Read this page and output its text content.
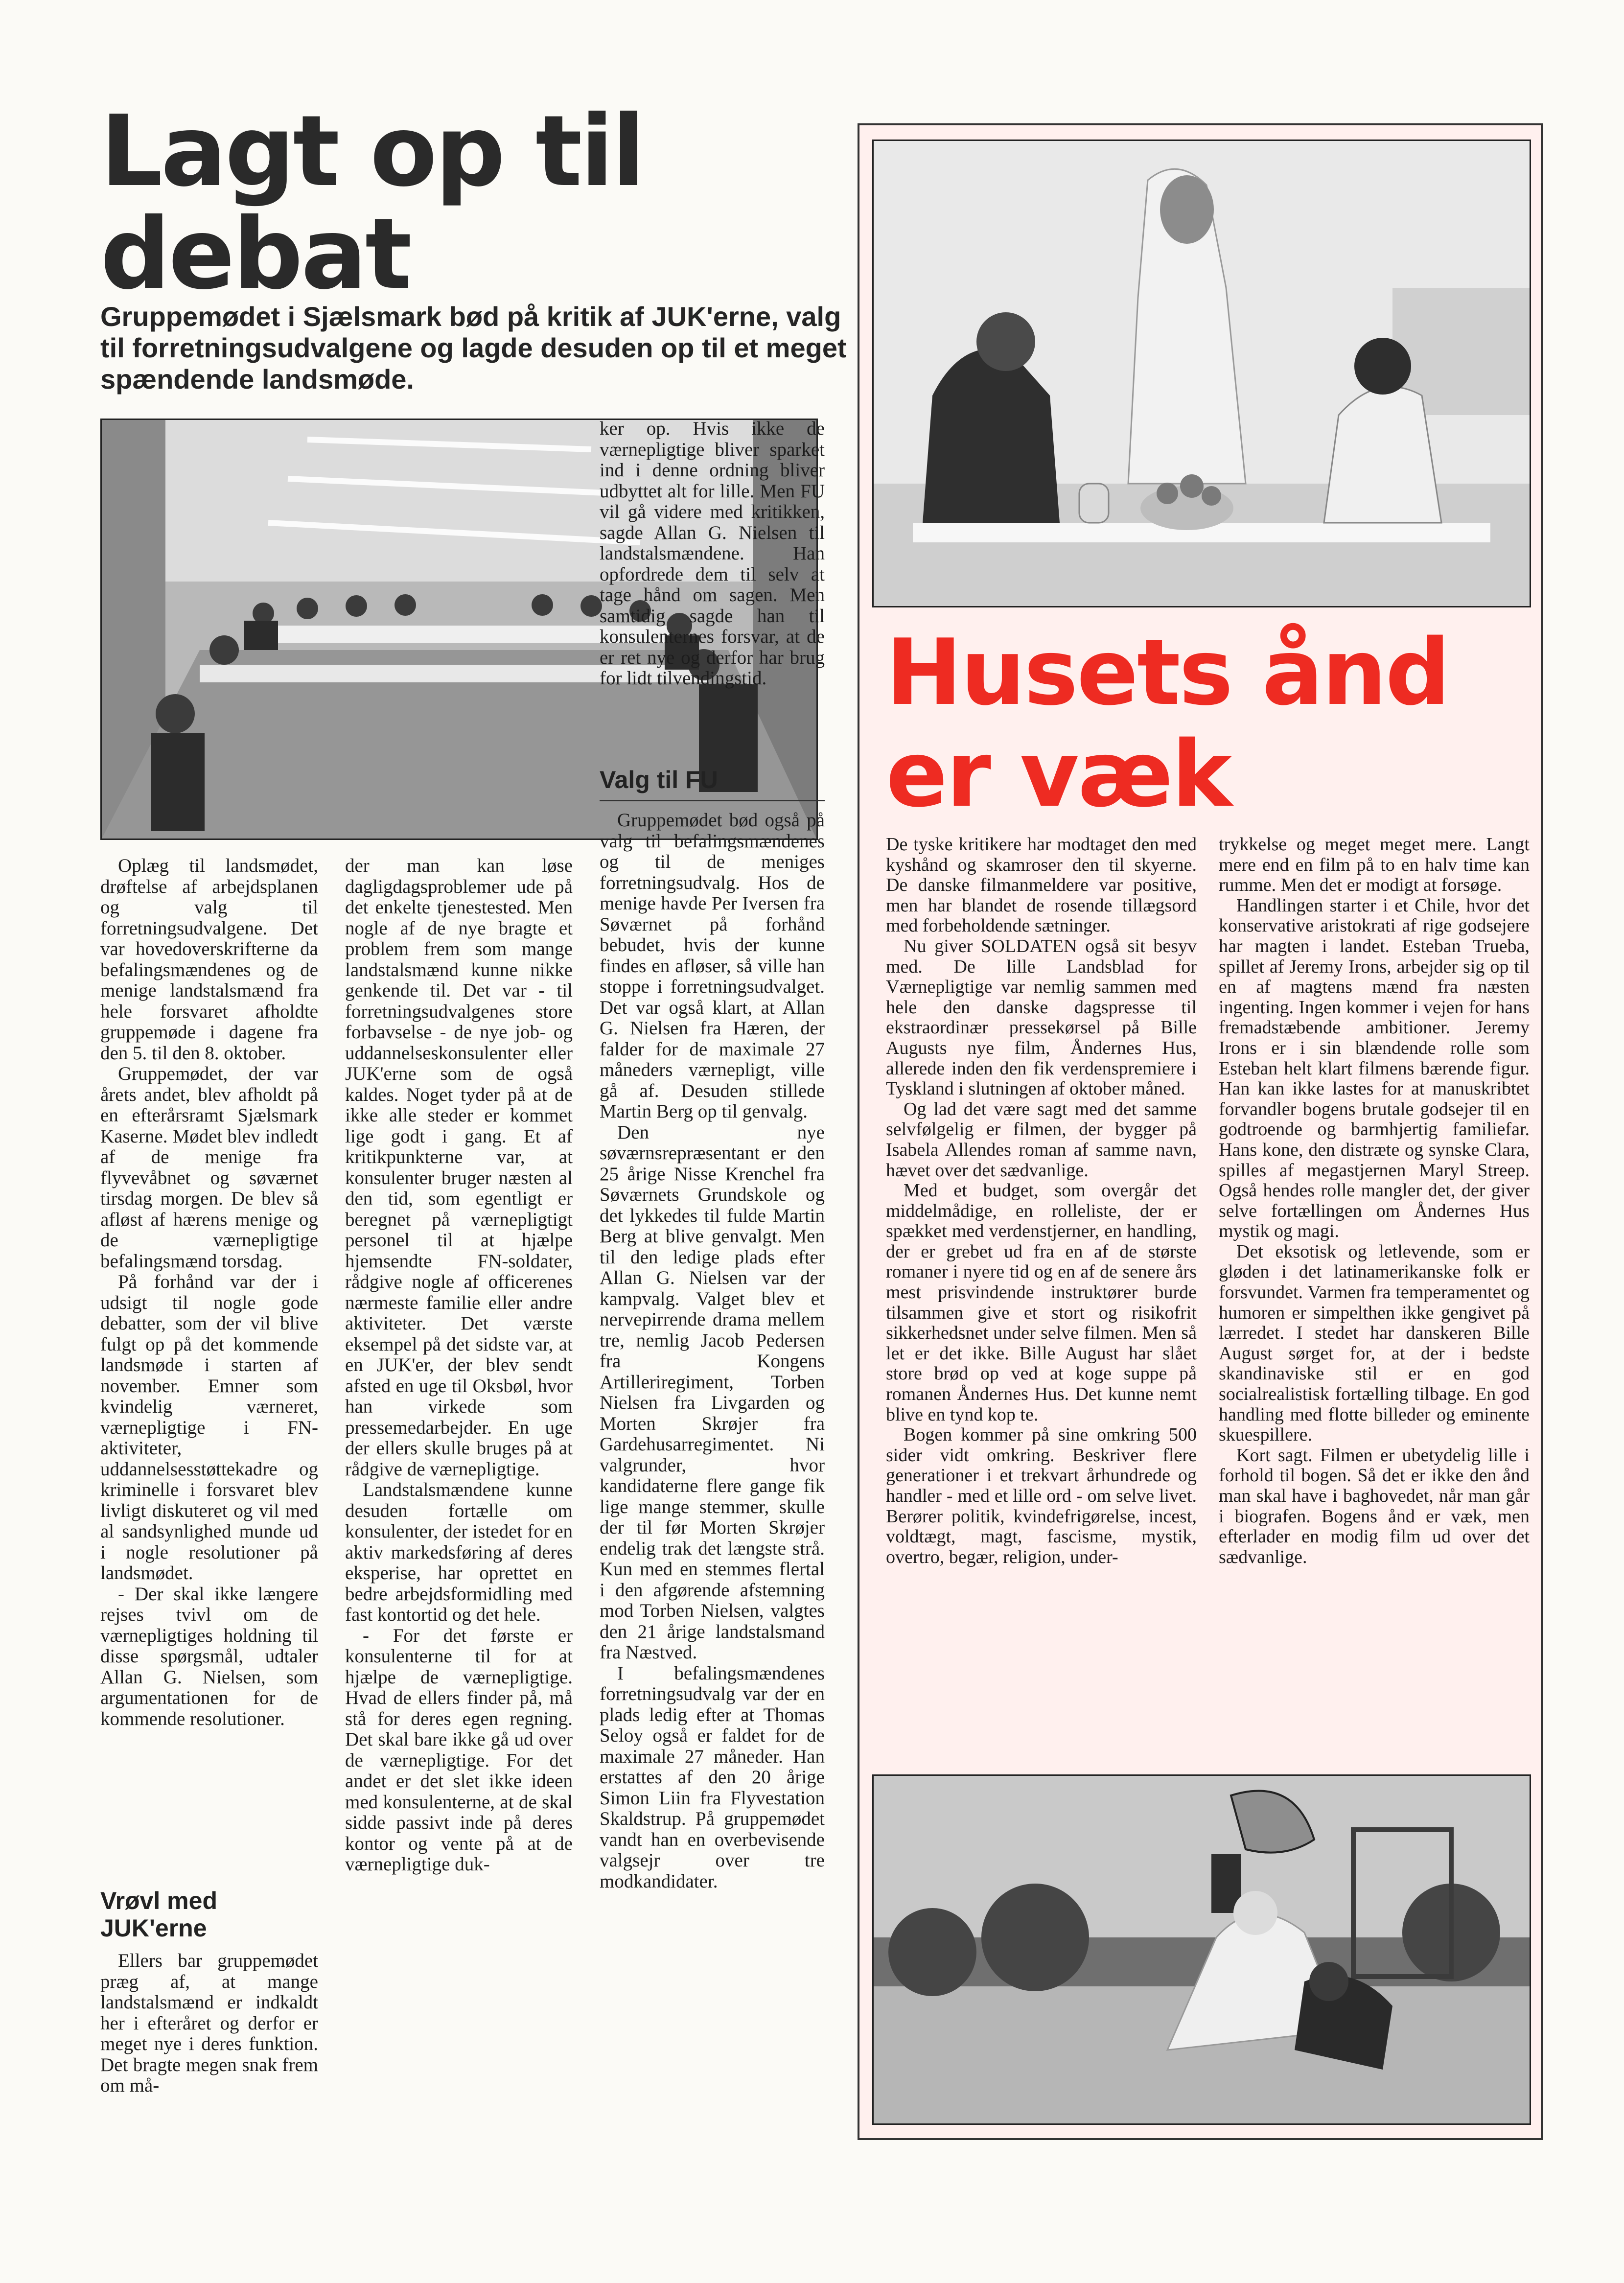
Lagt op til debat

Gruppemødet i Sjælsmark bød på kritik af JUK'erne, valg til forretningsudvalgene og lagde desuden op til et meget spændende landsmøde.

Oplæg til landsmødet, drøftelse af arbejdsplanen og valg til forretningsudvalgene. Det var hovedoverskrifterne da befalingsmændenes og de menige landstalsmænd fra hele forsvaret afholdte gruppemøde i dagene fra den 5. til den 8. oktober.

Gruppemødet, der var årets andet, blev afholdt på en efterårsramt Sjælsmark Kaserne. Mødet blev indledt af de menige fra flyvevåbnet og søværnet tirsdag morgen. De blev så afløst af hærens menige og de værnepligtige befalingsmænd torsdag.

På forhånd var der i udsigt til nogle gode debatter, som der vil blive fulgt op på det kommende landsmøde i starten af november. Emner som kvindelig værneret, værnepligtige i FN-aktiviteter, uddannelsesstøttekadre og kriminelle i forsvaret blev livligt diskuteret og vil med al sandsynlighed munde ud i nogle resolutioner på landsmødet.

- Der skal ikke længere rejses tvivl om de værnepligtiges holdning til disse spørgsmål, udtaler Allan G. Nielsen, som argumentationen for de kommende resolutioner.

Vrøvl med JUK'erne

Ellers bar gruppemødet præg af, at mange landstalsmænd er indkaldt her i efteråret og derfor er meget nye i deres funktion. Det bragte megen snak frem om må-

der man kan løse dagligdagsproblemer ude på det enkelte tjenestested. Men nogle af de nye bragte et problem frem som mange landstalsmænd kunne nikke genkende til. Det var - til forretningsudvalgenes store forbavselse - de nye job- og uddannelseskonsulenter eller JUK'erne som de også kaldes. Noget tyder på at de ikke alle steder er kommet lige godt i gang. Et af kritikpunkterne var, at konsulenter bruger næsten al den tid, som egentligt er beregnet på værnepligtigt personel til at hjælpe hjemsendte FN-soldater, rådgive nogle af officerenes nærmeste familie eller andre aktiviteter. Det værste eksempel på det sidste var, at en JUK'er, der blev sendt afsted en uge til Oksbøl, hvor han virkede som pressemedarbejder. En uge der ellers skulle bruges på at rådgive de værnepligtige.

Landstalsmændene kunne desuden fortælle om konsulenter, der istedet for en aktiv markedsføring af deres eksperise, har oprettet en bedre arbejdsformidling med fast kontortid og det hele.

- For det første er konsulenterne til for at hjælpe de værnepligtige. Hvad de ellers finder på, må stå for deres egen regning. Det skal bare ikke gå ud over de værnepligtige. For det andet er det slet ikke ideen med konsulenterne, at de skal sidde passivt inde på deres kontor og vente på at de værnepligtige duk-

ker op. Hvis ikke de værnepligtige bliver sparket ind i denne ordning bliver udbyttet alt for lille. Men FU vil gå videre med kritikken, sagde Allan G. Nielsen til landstalsmændene. Han opfordrede dem til selv at tage hånd om sagen. Men samtidig sagde han til konsulenternes forsvar, at de er ret nye og derfor har brug for lidt tilvendingstid.

Valg til FU

Gruppemødet bød også på valg til befalingsmændenes og til de meniges forretningsudvalg. Hos de menige havde Per Iversen fra Søværnet på forhånd bebudet, hvis der kunne findes en afløser, så ville han stoppe i forretningsudvalget. Det var også klart, at Allan G. Nielsen fra Hæren, der falder for de maximale 27 måneders værnepligt, ville gå af. Desuden stillede Martin Berg op til genvalg.

Den nye søværnsrepræsentant er den 25 årige Nisse Krenchel fra Søværnets Grundskole og det lykkedes til fulde Martin Berg at blive genvalgt. Men til den ledige plads efter Allan G. Nielsen var der kampvalg. Valget blev et nervepirrende drama mellem tre, nemlig Jacob Pedersen fra Kongens Artilleriregiment, Torben Nielsen fra Livgarden og Morten Skrøjer fra Gardehusarregimentet. Ni valgrunder, hvor kandidaterne flere gange fik lige mange stemmer, skulle der til før Morten Skrøjer endelig trak det længste strå. Kun med en stemmes flertal i den afgørende afstemning mod Torben Nielsen, valgtes den 21 årige landstalsmand fra Næstved.

I befalingsmændenes forretningsudvalg var der en plads ledig efter at Thomas Seloy også er faldet for de maximale 27 måneder. Han erstattes af den 20 årige Simon Liin fra Flyvestation Skaldstrup. På gruppemødet vandt han en overbevisende valgsejr over tre modkandidater.

Husets ånd er væk

De tyske kritikere har modtaget den med kyshånd og skamroser den til skyerne. De danske filmanmeldere var positive, men har blandet de rosende tillægsord med forbeholdende sætninger.

Nu giver SOLDATEN også sit besyv med. De lille Landsblad for Værnepligtige var nemlig sammen med hele den danske dagspresse til ekstraordinær pressekørsel på Bille Augusts nye film, Åndernes Hus, allerede inden den fik verdenspremiere i Tyskland i slutningen af oktober måned.

Og lad det være sagt med det samme selvfølgelig er filmen, der bygger på Isabela Allendes roman af samme navn, hævet over det sædvanlige.

Med et budget, som overgår det middelmådige, en rolleliste, der er spækket med verdenstjerner, en handling, der er grebet ud fra en af de største romaner i nyere tid og en af de senere års mest prisvindende instruktører burde tilsammen give et stort og risikofrit sikkerhedsnet under selve filmen. Men så let er det ikke. Bille August har slået store brød op ved at koge suppe på romanen Åndernes Hus. Det kunne nemt blive en tynd kop te.

Bogen kommer på sine omkring 500 sider vidt omkring. Beskriver flere generationer i et trekvart århundrede og handler - med et lille ord - om selve livet. Berører politik, kvindefrigørelse, incest, voldtægt, magt, fascisme, mystik, overtro, begær, religion, under-

trykkelse og meget meget mere. Langt mere end en film på to en halv time kan rumme. Men det er modigt at forsøge.

Handlingen starter i et Chile, hvor det konservative aristokrati af rige godsejere har magten i landet. Esteban Trueba, spillet af Jeremy Irons, arbejder sig op til en af magtens mænd fra næsten ingenting. Ingen kommer i vejen for hans fremadstæbende ambitioner. Jeremy Irons er i sin blændende rolle som Esteban helt klart filmens bærende figur. Han kan ikke lastes for at manuskribtet forvandler bogens brutale godsejer til en godtroende og barmhjertig familiefar. Hans kone, den distræte og synske Clara, spilles af megastjernen Maryl Streep. Også hendes rolle mangler det, der giver selve fortællingen om Åndernes Hus mystik og magi.

Det eksotisk og letlevende, som er gløden i det latinamerikanske folk er forsvundet. Varmen fra temperamentet og humoren er simpelthen ikke gengivet på lærredet. I stedet har danskeren Bille August sørget for, at der i bedste skandinaviske stil er en god socialrealistisk fortælling tilbage. En god handling med flotte billeder og eminente skuespillere.

Kort sagt. Filmen er ubetydelig lille i forhold til bogen. Så det er ikke den ånd man skal have i baghovedet, når man går i biografen. Bogens ånd er væk, men efterlader en modig film ud over det sædvanlige.
